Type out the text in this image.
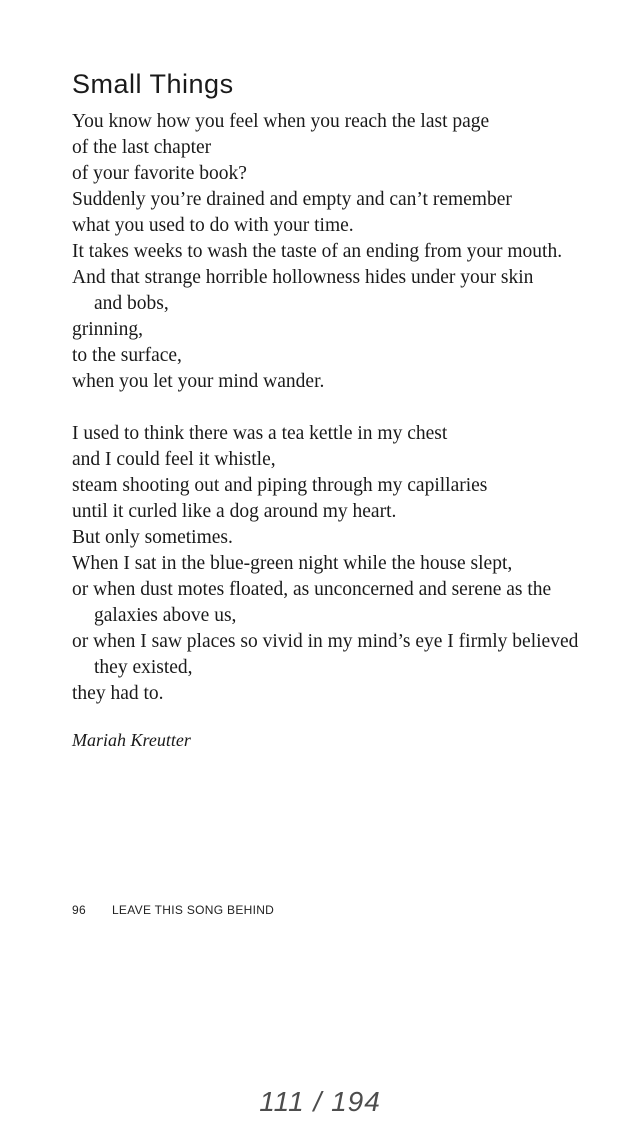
Small Things
You know how you feel when you reach the last page
of the last chapter
of your favorite book?
Suddenly you’re drained and empty and can’t remember
what you used to do with your time.
It takes weeks to wash the taste of an ending from your mouth.
And that strange horrible hollowness hides under your skin
and bobs,
grinning,
to the surface,
when you let your mind wander.
I used to think there was a tea kettle in my chest
and I could feel it whistle,
steam shooting out and piping through my capillaries
until it curled like a dog around my heart.
But only sometimes.
When I sat in the blue-green night while the house slept,
or when dust motes floated, as unconcerned and serene as the
galaxies above us,
or when I saw places so vivid in my mind’s eye I firmly believed
they existed,
they had to.
Mariah Kreutter
96 LEAVE THIS SONG BEHIND
111 / 194
